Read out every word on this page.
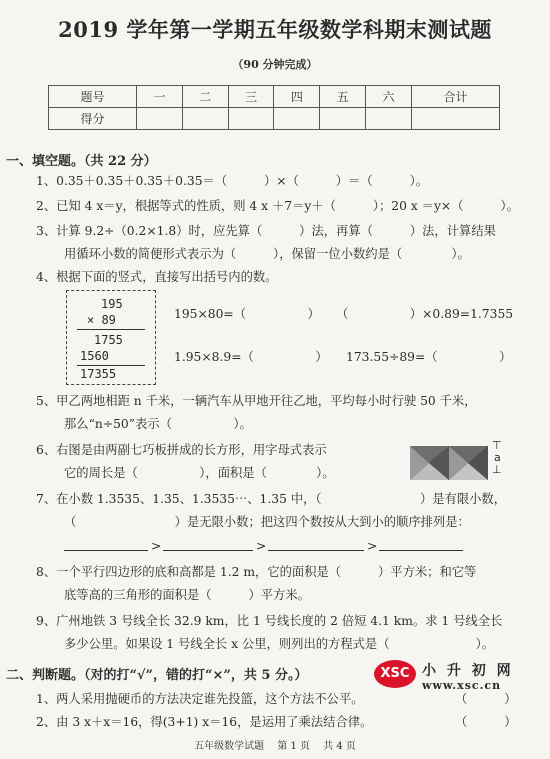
2019 学年第一学期五年级数学科期末测试题
（90 分钟完成）
题号	一	二	三	四	五	六	合计
得分							
一、填空题。（共 22 分）
1、0.35＋0.35＋0.35＋0.35＝（　　　）×（　　　）＝（　　　）。
2、已知 4 x＝y，根据等式的性质，则 4 x ＋7＝y＋（　　　）；20 x ＝y×（　　　）。
3、计算 9.2÷（0.2×1.8）时，应先算（　　　）法，再算（　　　）法，计算结果
用循环小数的简便形式表示为（　　　），保留一位小数约是（　　　　）。
4、根据下面的竖式，直接写出括号内的数。
195
× 89
1755
1560
17355
195×80=（　　　　　） （　　　　　）×0.89=1.7355
1.95×8.9=（　　　　　） 173.55÷89=（　　　　　）
5、甲乙两地相距 n 千米，一辆汽车从甲地开往乙地，平均每小时行驶 50 千米，
那么“n÷50”表示（　　　　　）。
6、右图是由两副七巧板拼成的长方形，用字母式表示
它的周长是（　　　　　），面积是（　　　　）。
⊤
a
⊥
7、在小数 1.3535、1.35、1.3535⋯、1.35 中，（　　　　　　　　）是有限小数，
（　　　　　　　　）是无限小数；把这四个数按从大到小的顺序排列是：
>	>	>
8、一个平行四边形的底和高都是 1.2 m，它的面积是（　　　）平方米；和它等
底等高的三角形的面积是（　　　）平方米。
9、广州地铁 3 号线全长 32.9 km，比 1 号线长度的 2 倍短 4.1 km。求 1 号线全长
多少公里。如果设 1 号线全长 x 公里，则列出的方程式是（　　　　　　　）。
二、判断题。（对的打“√”，错的打“×”，共 5 分。）
1、两人采用抛硬币的方法决定谁先投篮，这个方法不公平。	（　　　）
2、由 3 x＋x＝16，得(3+1) x＝16，是运用了乘法结合律。	（　　　）
XSC 小 升 初 网
www.xsc.cn
五年级数学试题　 第 1 页　 共 4 页
